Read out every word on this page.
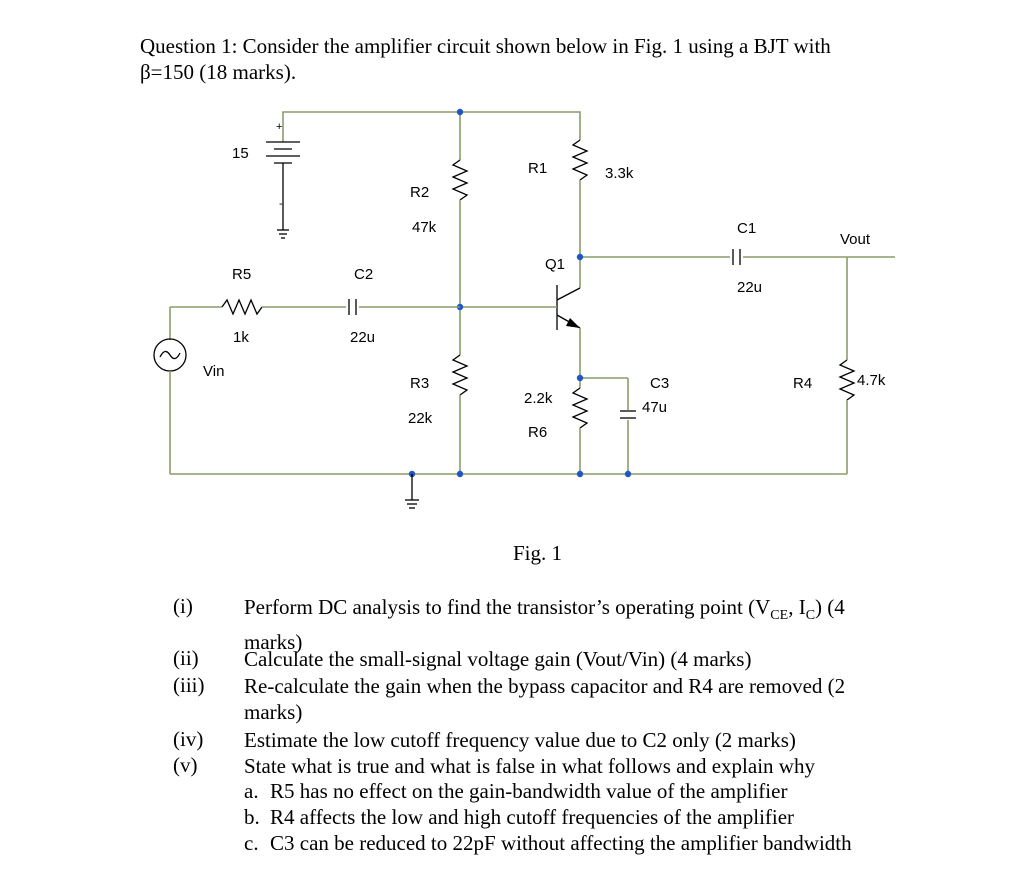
Question 1: Consider the amplifier circuit shown below in Fig. 1 using a BJT with
β=150 (18 marks).
15
+
-
R2
47k
R1	3.3k
C1
22u
Vout
R4	4.7k
Q1
2.2k
R6
C3
47u
R3
22k
R5
1k
C2
22u
Vin
Fig. 1
(i) Perform DC analysis to find the transistor’s operating point ($V_{CE}$, $I_C$) (4
marks)
(ii) Calculate the small-signal voltage gain (Vout/Vin) (4 marks)
(iii) Re-calculate the gain when the bypass capacitor and R4 are removed (2
marks)
(iv) Estimate the low cutoff frequency value due to C2 only (2 marks)
(v) State what is true and what is false in what follows and explain why
a. R5 has no effect on the gain-bandwidth value of the amplifier
b. R4 affects the low and high cutoff frequencies of the amplifier
c. C3 can be reduced to 22pF without affecting the amplifier bandwidth
